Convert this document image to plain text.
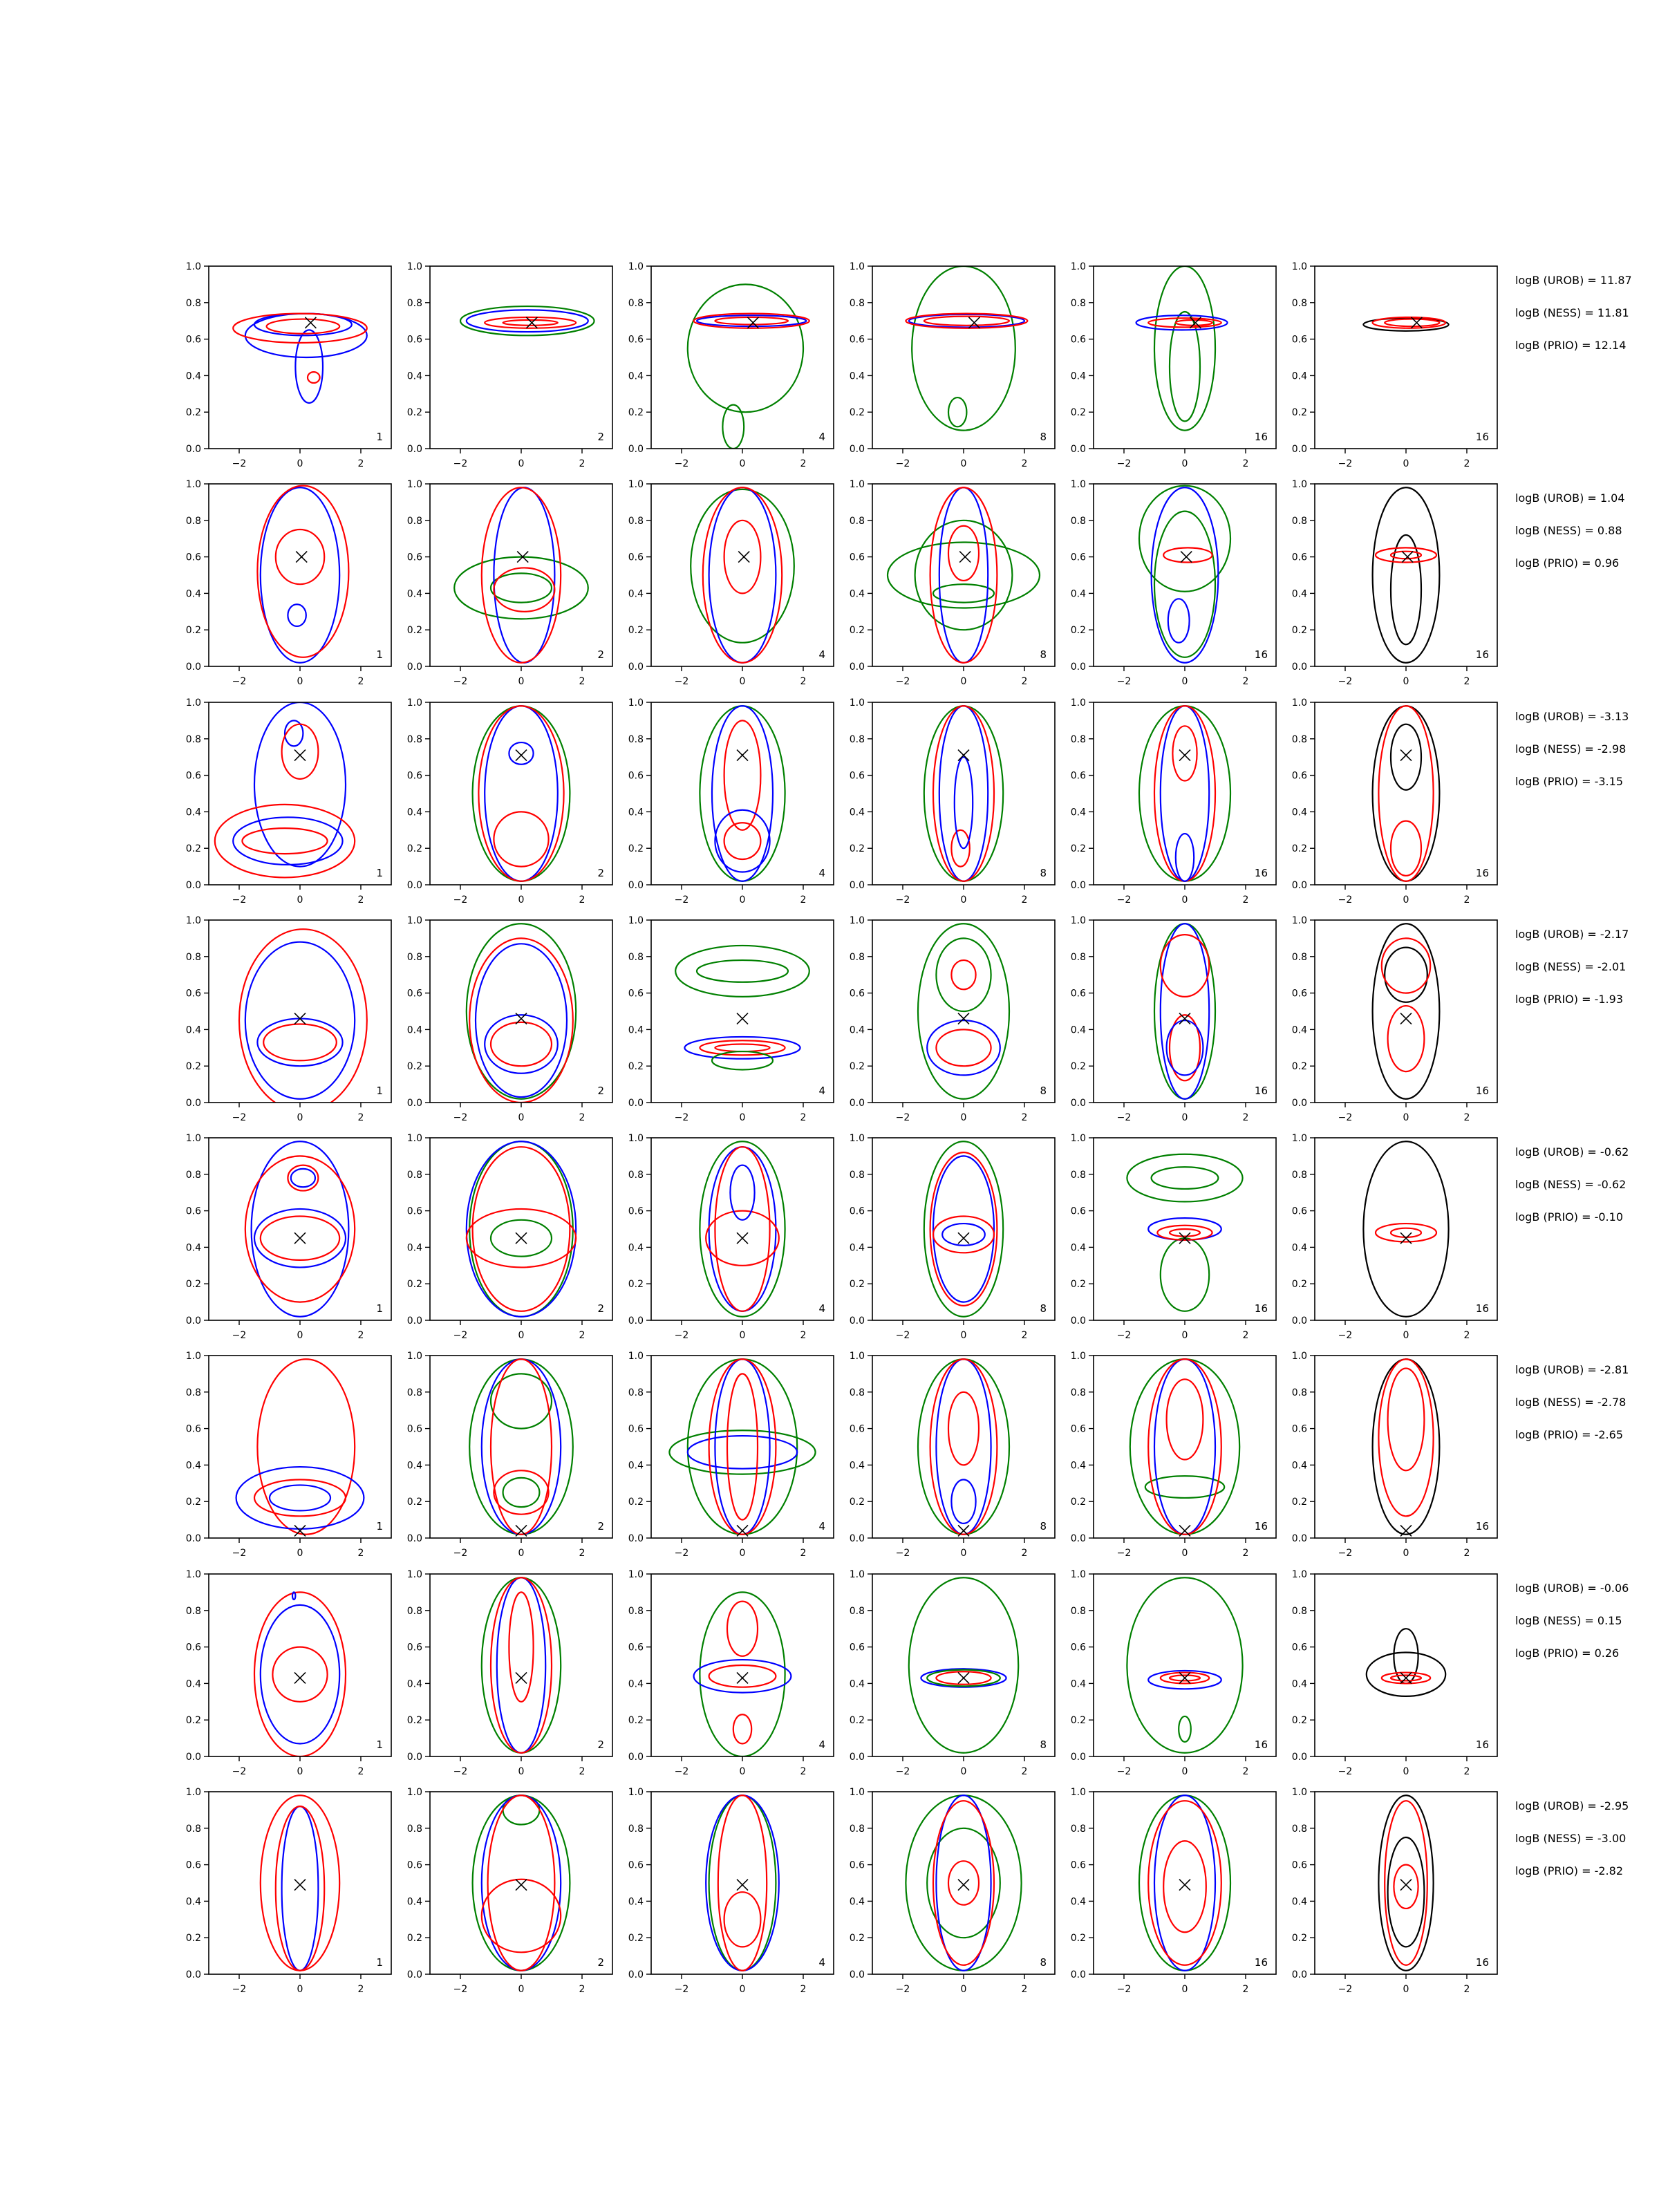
−2	0	2
0.0
0.2
0.4
0.6
0.8
1.0
1
−2	0	2
0.0
0.2
0.4
0.6
0.8
1.0
2
−2	0	2
0.0
0.2
0.4
0.6
0.8
1.0
4
−2	0	2
0.0
0.2
0.4
0.6
0.8
1.0
8
−2	0	2
0.0
0.2
0.4
0.6
0.8
1.0
16
−2	0	2
0.0
0.2
0.4
0.6
0.8
1.0
16
logB (UROB) = 11.87
logB (NESS) = 11.81
logB (PRIO) = 12.14
−2	0	2
0.0
0.2
0.4
0.6
0.8
1.0
1
−2	0	2
0.0
0.2
0.4
0.6
0.8
1.0
2
−2	0	2
0.0
0.2
0.4
0.6
0.8
1.0
4
−2	0	2
0.0
0.2
0.4
0.6
0.8
1.0
8
−2	0	2
0.0
0.2
0.4
0.6
0.8
1.0
16
−2	0	2
0.0
0.2
0.4
0.6
0.8
1.0
16
logB (UROB) = 1.04
logB (NESS) = 0.88
logB (PRIO) = 0.96
−2	0	2
0.0
0.2
0.4
0.6
0.8
1.0
1
−2	0	2
0.0
0.2
0.4
0.6
0.8
1.0
2
−2	0	2
0.0
0.2
0.4
0.6
0.8
1.0
4
−2	0	2
0.0
0.2
0.4
0.6
0.8
1.0
8
−2	0	2
0.0
0.2
0.4
0.6
0.8
1.0
16
−2	0	2
0.0
0.2
0.4
0.6
0.8
1.0
16
logB (UROB) = -3.13
logB (NESS) = -2.98
logB (PRIO) = -3.15
−2	0	2
0.0
0.2
0.4
0.6
0.8
1.0
1
−2	0	2
0.0
0.2
0.4
0.6
0.8
1.0
2
−2	0	2
0.0
0.2
0.4
0.6
0.8
1.0
4
−2	0	2
0.0
0.2
0.4
0.6
0.8
1.0
8
−2	0	2
0.0
0.2
0.4
0.6
0.8
1.0
16
−2	0	2
0.0
0.2
0.4
0.6
0.8
1.0
16
logB (UROB) = -2.17
logB (NESS) = -2.01
logB (PRIO) = -1.93
−2	0	2
0.0
0.2
0.4
0.6
0.8
1.0
1
−2	0	2
0.0
0.2
0.4
0.6
0.8
1.0
2
−2	0	2
0.0
0.2
0.4
0.6
0.8
1.0
4
−2	0	2
0.0
0.2
0.4
0.6
0.8
1.0
8
−2	0	2
0.0
0.2
0.4
0.6
0.8
1.0
16
−2	0	2
0.0
0.2
0.4
0.6
0.8
1.0
16
logB (UROB) = -0.62
logB (NESS) = -0.62
logB (PRIO) = -0.10
−2	0	2
0.0
0.2
0.4
0.6
0.8
1.0
1
−2	0	2
0.0
0.2
0.4
0.6
0.8
1.0
2
−2	0	2
0.0
0.2
0.4
0.6
0.8
1.0
4
−2	0	2
0.0
0.2
0.4
0.6
0.8
1.0
8
−2	0	2
0.0
0.2
0.4
0.6
0.8
1.0
16
−2	0	2
0.0
0.2
0.4
0.6
0.8
1.0
16
logB (UROB) = -2.81
logB (NESS) = -2.78
logB (PRIO) = -2.65
−2	0	2
0.0
0.2
0.4
0.6
0.8
1.0
1
−2	0	2
0.0
0.2
0.4
0.6
0.8
1.0
2
−2	0	2
0.0
0.2
0.4
0.6
0.8
1.0
4
−2	0	2
0.0
0.2
0.4
0.6
0.8
1.0
8
−2	0	2
0.0
0.2
0.4
0.6
0.8
1.0
16
−2	0	2
0.0
0.2
0.4
0.6
0.8
1.0
16
logB (UROB) = -0.06
logB (NESS) = 0.15
logB (PRIO) = 0.26
−2	0	2
0.0
0.2
0.4
0.6
0.8
1.0
1
−2	0	2
0.0
0.2
0.4
0.6
0.8
1.0
2
−2	0	2
0.0
0.2
0.4
0.6
0.8
1.0
4
−2	0	2
0.0
0.2
0.4
0.6
0.8
1.0
8
−2	0	2
0.0
0.2
0.4
0.6
0.8
1.0
16
−2	0	2
0.0
0.2
0.4
0.6
0.8
1.0
16
logB (UROB) = -2.95
logB (NESS) = -3.00
logB (PRIO) = -2.82
